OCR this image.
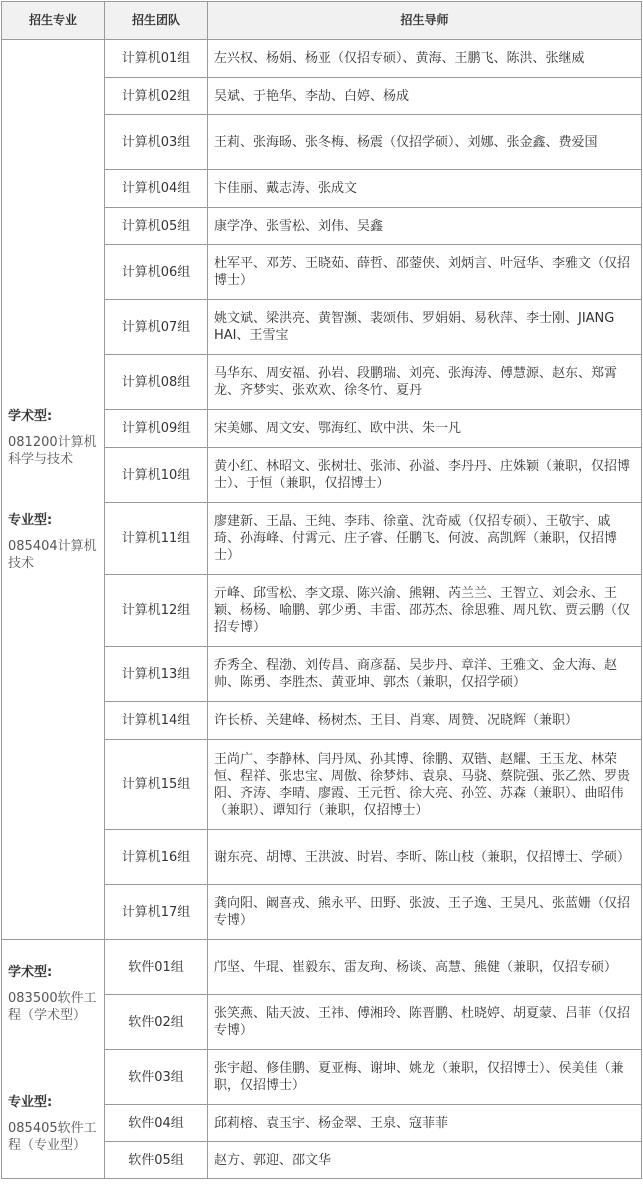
招生专业	招生团队	招生导师

学术型:
081200计算机科学与技术
专业型:
085404计算机技术	计算机01组	左兴权、杨娟、杨亚（仅招专硕）、黄海、王鹏飞、陈洪、张继威
	计算机02组	吴斌、于艳华、李劼、白婷、杨成
	计算机03组	王莉、张海旸、张冬梅、杨震（仅招学硕）、刘娜、张金鑫、费爱国
	计算机04组	卞佳丽、戴志涛、张成文
	计算机05组	康学净、张雪松、刘伟、吴鑫
	计算机06组	杜军平、邓芳、王晓茹、薛哲、邵蓥侠、刘炳言、叶冠华、李雅文（仅招博士）
	计算机07组	姚文斌、梁洪亮、黄智濒、裴颂伟、罗娟娟、易秋萍、李士刚、JIANG HAI、王雪宝
	计算机08组	马华东、周安福、孙岩、段鹏瑞、刘亮、张海涛、傅慧源、赵东、郑霄龙、齐梦实、张欢欢、徐冬竹、夏丹
	计算机09组	宋美娜、周文安、鄂海红、欧中洪、朱一凡
	计算机10组	黄小红、林昭文、张树壮、张沛、孙溢、李丹丹、庄姝颖（兼职，仅招博士）、于恒（兼职，仅招博士）
	计算机11组	廖建新、王晶、王纯、李玮、徐童、沈奇威（仅招专硕）、王敬宇、戚琦、孙海峰、付霄元、庄子睿、任鹏飞、何波、高凯辉（兼职，仅招博士）
	计算机12组	亓峰、邱雪松、李文璟、陈兴渝、熊翱、芮兰兰、王智立、刘会永、王颖、杨杨、喻鹏、郭少勇、丰雷、邵苏杰、徐思雅、周凡钦、贾云鹏（仅招专博）
	计算机13组	乔秀全、程渤、刘传昌、商彦磊、吴步丹、章洋、王雅文、金大海、赵帅、陈勇、李胜杰、黄亚坤、郭杰（兼职，仅招学硕）
	计算机14组	许长桥、关建峰、杨树杰、王目、肖寒、周赞、况晓辉（兼职）
	计算机15组	王尚广、李静林、闫丹凤、孙其博、徐鹏、双锴、赵耀、王玉龙、林荣恒、程祥、张忠宝、周傲、徐梦炜、袁泉、马骁、蔡院强、张乙然、罗贵阳、齐涛、李晴、廖霞、王元哲、徐大亮、孙笠、苏森（兼职）、曲昭伟（兼职）、谭知行（兼职，仅招博士）
	计算机16组	谢东亮、胡博、王洪波、时岩、李昕、陈山枝（兼职，仅招博士、学硕）
	计算机17组	龚向阳、阚喜戎、熊永平、田野、张波、王子逸、王昊凡、张蓝姗（仅招专博）

学术型:
083500软件工程（学术型）
专业型:
085405软件工程（专业型）	软件01组	邝坚、牛琨、崔毅东、雷友珣、杨谈、高慧、熊健（兼职，仅招专硕）
	软件02组	张笑燕、陆天波、王祎、傅湘玲、陈晋鹏、杜晓婷、胡夏蒙、吕菲（仅招专博）
	软件03组	张宇超、修佳鹏、夏亚梅、谢坤、姚龙（兼职，仅招博士）、侯美佳（兼职，仅招博士）
	软件04组	邱莉榕、袁玉宇、杨金翠、王泉、寇菲菲
	软件05组	赵方、郭迎、邵文华
